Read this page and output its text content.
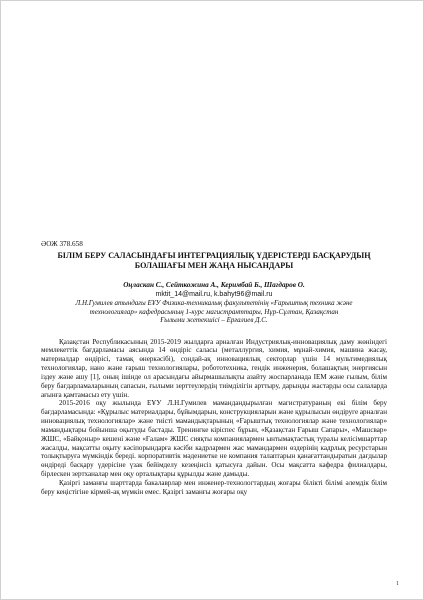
ӘОЖ 378.658

БІЛІМ БЕРУ САЛАСЫНДАҒЫ ИНТЕГРАЦИЯЛЫҚ ҮДЕРІСТЕРДІ БАСҚАРУДЫҢ
БОЛАШАҒЫ МЕН ЖАҢА НЫСАНДАРЫ

Оңласкан С., Сейткожина А., Керимбай Б., Шагдаров О.

mktit_14@mail.ru, k.bahyt96@mail.ru

Л.Н.Гумилев атындағы ЕҰУ Физика-техникалық факультетінің «Ғарыштық техника және
технологиялар» кафедрасының 1-курс магистранттары, Нұр-Сұлтан, Қазақстан
Ғылыми жетекшісі – Ерғалиев Д.С.

Қазақстан Республикасының 2015-2019 жылдарға арналған Индустриялық-инновациялық даму жөніндегі мемлекеттік бағдарламасы аясында 14 өндіріс саласы (металлургия, химия, мұнай-химия, машина жасау, материалдар өндірісі, тамақ өнеркәсібі), сондай-ақ инновациялық секторлар үшін 14 мультимедиялық технологиялар, нано және ғарыш технологиялары, робототехника, гендік инженерия, болашақтың энергиясын іздеу және ашу [1], оның ішінде ол арасындағы айырмашылықты азайту жоспарланада ІЕМ және ғылым, білім беру бағдарламаларының сапасын, ғылыми зерттеулердің тиімділігін арттыру, дарынды жастарды осы салаларда ағынға қамтамасыз ету үшін.

2015-2016 оқу жылында ЕҰУ Л.Н.Гумилев мамандандырылған магистратураның екі білім беру бағдарламасында: «Құрылыс материалдары, бұйымдарын, конструкцияларын және құрылысын өндіруге арналған инновациялық технологиялар» және тиісті мамандықтарының «Ғарыштық технологиялар және технологиялар» мамандықтары бойынша оқытуды бастады. Тренингке кіріспес бұрын, «Қазақстан Ғарыш Сапары», «Машсвар» ЖШС, «Байқоныр» кешені және «Ғалам» ЖШС сияқты компаниялармен ынтымақтастық туралы келісімшарттар жасалды, мақсатты оқыту кәсіпорындарға кәсіби кадрлармен жас мамандармен өздерінің кадрлық ресурстарын толықтыруға мүмкіндік береді. корпоративтік мәдениетке не компания талаптарын қанағаттандыратын дағдылар өндіреді басқару үдерісіне үзак бейімделу кезеңінсіз қатысуға дайын. Осы мақсатта кафедра филиалдары, бірлескен зертханалар мен оқу орталықтары құрылды және дамыды.

Қазіргі заманғы шарттарда бакалаврлар мен инженер-технологтардың жоғары білікті білімі әлемдік білім беру кеңістігіне кірмей-ақ мүмкін емес. Қазіргі заманғы жоғары оқу

1
